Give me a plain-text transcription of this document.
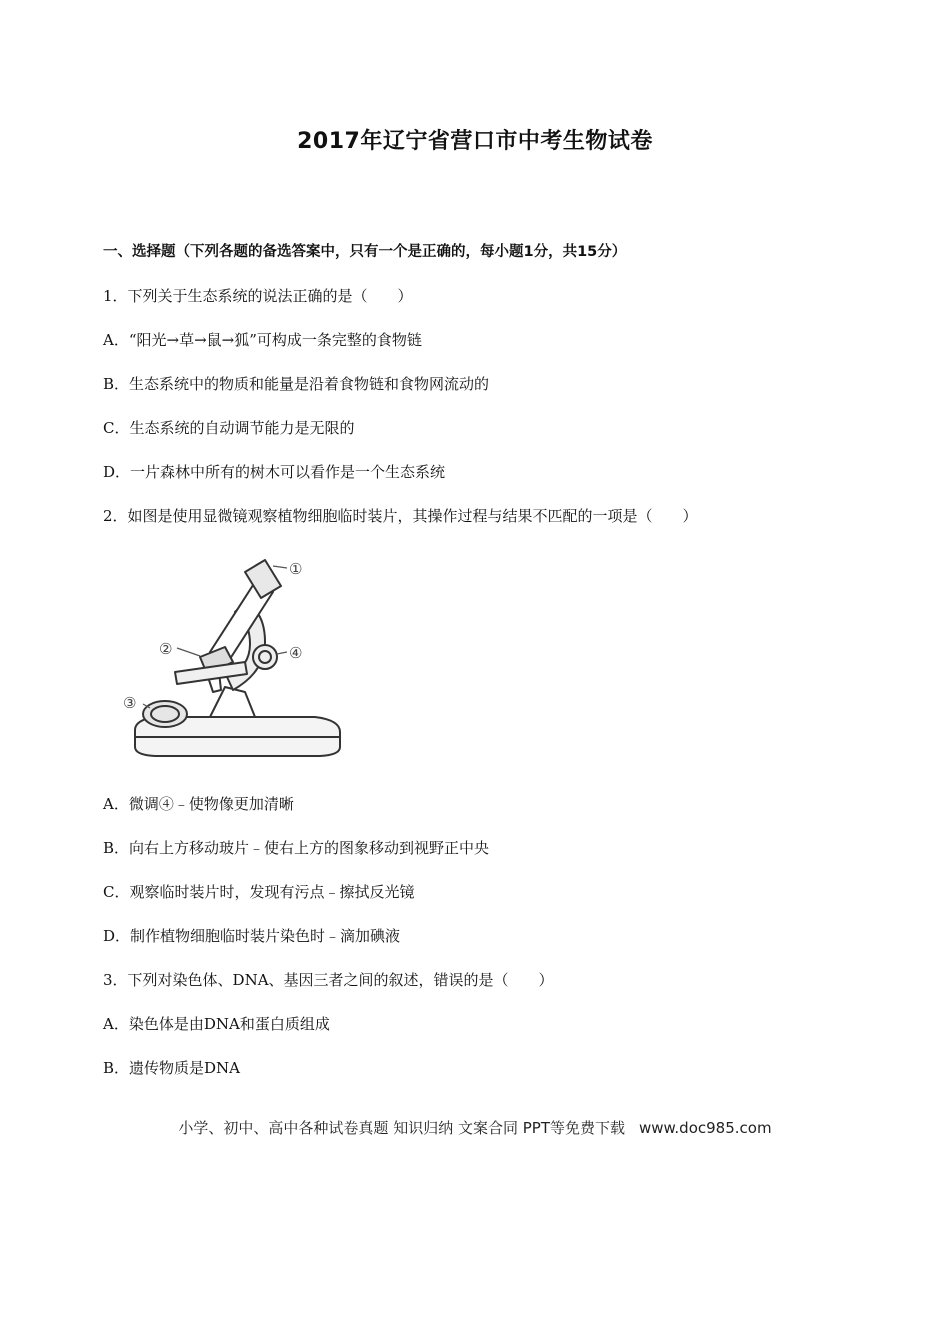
2017年辽宁省营口市中考生物试卷
一、选择题（下列各题的备选答案中，只有一个是正确的，每小题1分，共15分）
1．下列关于生态系统的说法正确的是（　　）
A．“阳光→草→鼠→狐”可构成一条完整的食物链
B．生态系统中的物质和能量是沿着食物链和食物网流动的
C．生态系统的自动调节能力是无限的
D．一片森林中所有的树木可以看作是一个生态系统
2．如图是使用显微镜观察植物细胞临时装片，其操作过程与结果不匹配的一项是（　　）
①
②
③
④
A．微调④﹣使物像更加清晰
B．向右上方移动玻片﹣使右上方的图象移动到视野正中央
C．观察临时装片时，发现有污点﹣擦拭反光镜
D．制作植物细胞临时装片染色时﹣滴加碘液
3．下列对染色体、DNA、基因三者之间的叙述，错误的是（　　）
A．染色体是由DNA和蛋白质组成
B．遗传物质是DNA
小学、初中、高中各种试卷真题 知识归纳 文案合同 PPT等免费下载 www.doc985.com
